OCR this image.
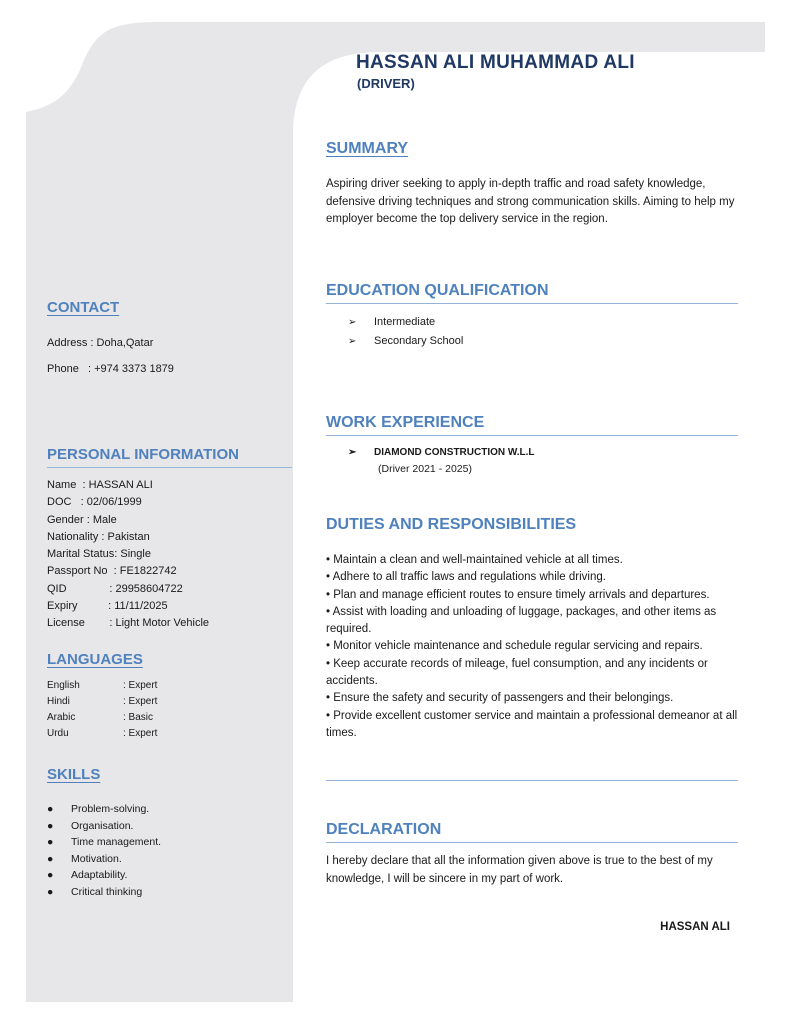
HASSAN ALI MUHAMMAD ALI
(DRIVER)
CONTACT
Address : Doha,Qatar
Phone   : +974 3373 1879
PERSONAL INFORMATION
Name  : HASSAN ALI
DOC   : 02/06/1999
Gender : Male
Nationality : Pakistan
Marital Status: Single
Passport No  : FE1822742
QID              : 29958604722
Expiry          : 11/11/2025
License        : Light Motor Vehicle
LANGUAGES
English	: Expert
Hindi	: Expert
Arabic	: Basic
Urdu	: Expert
SKILLS
● Problem-solving.
● Organisation.
● Time management.
● Motivation.
● Adaptability.
● Critical thinking
SUMMARY
Aspiring driver seeking to apply in-depth traffic and road safety knowledge, defensive driving techniques and strong communication skills. Aiming to help my employer become the top delivery service in the region.
EDUCATION QUALIFICATION
➢ Intermediate
➢ Secondary School
WORK EXPERIENCE
➢ DIAMOND CONSTRUCTION W.L.L
(Driver 2021 - 2025)
DUTIES AND RESPONSIBILITIES
• Maintain a clean and well-maintained vehicle at all times.
• Adhere to all traffic laws and regulations while driving.
• Plan and manage efficient routes to ensure timely arrivals and departures.
• Assist with loading and unloading of luggage, packages, and other items as required.
• Monitor vehicle maintenance and schedule regular servicing and repairs.
• Keep accurate records of mileage, fuel consumption, and any incidents or accidents.
• Ensure the safety and security of passengers and their belongings.
• Provide excellent customer service and maintain a professional demeanor at all times.
DECLARATION
I hereby declare that all the information given above is true to the best of my knowledge, I will be sincere in my part of work.
HASSAN ALI
